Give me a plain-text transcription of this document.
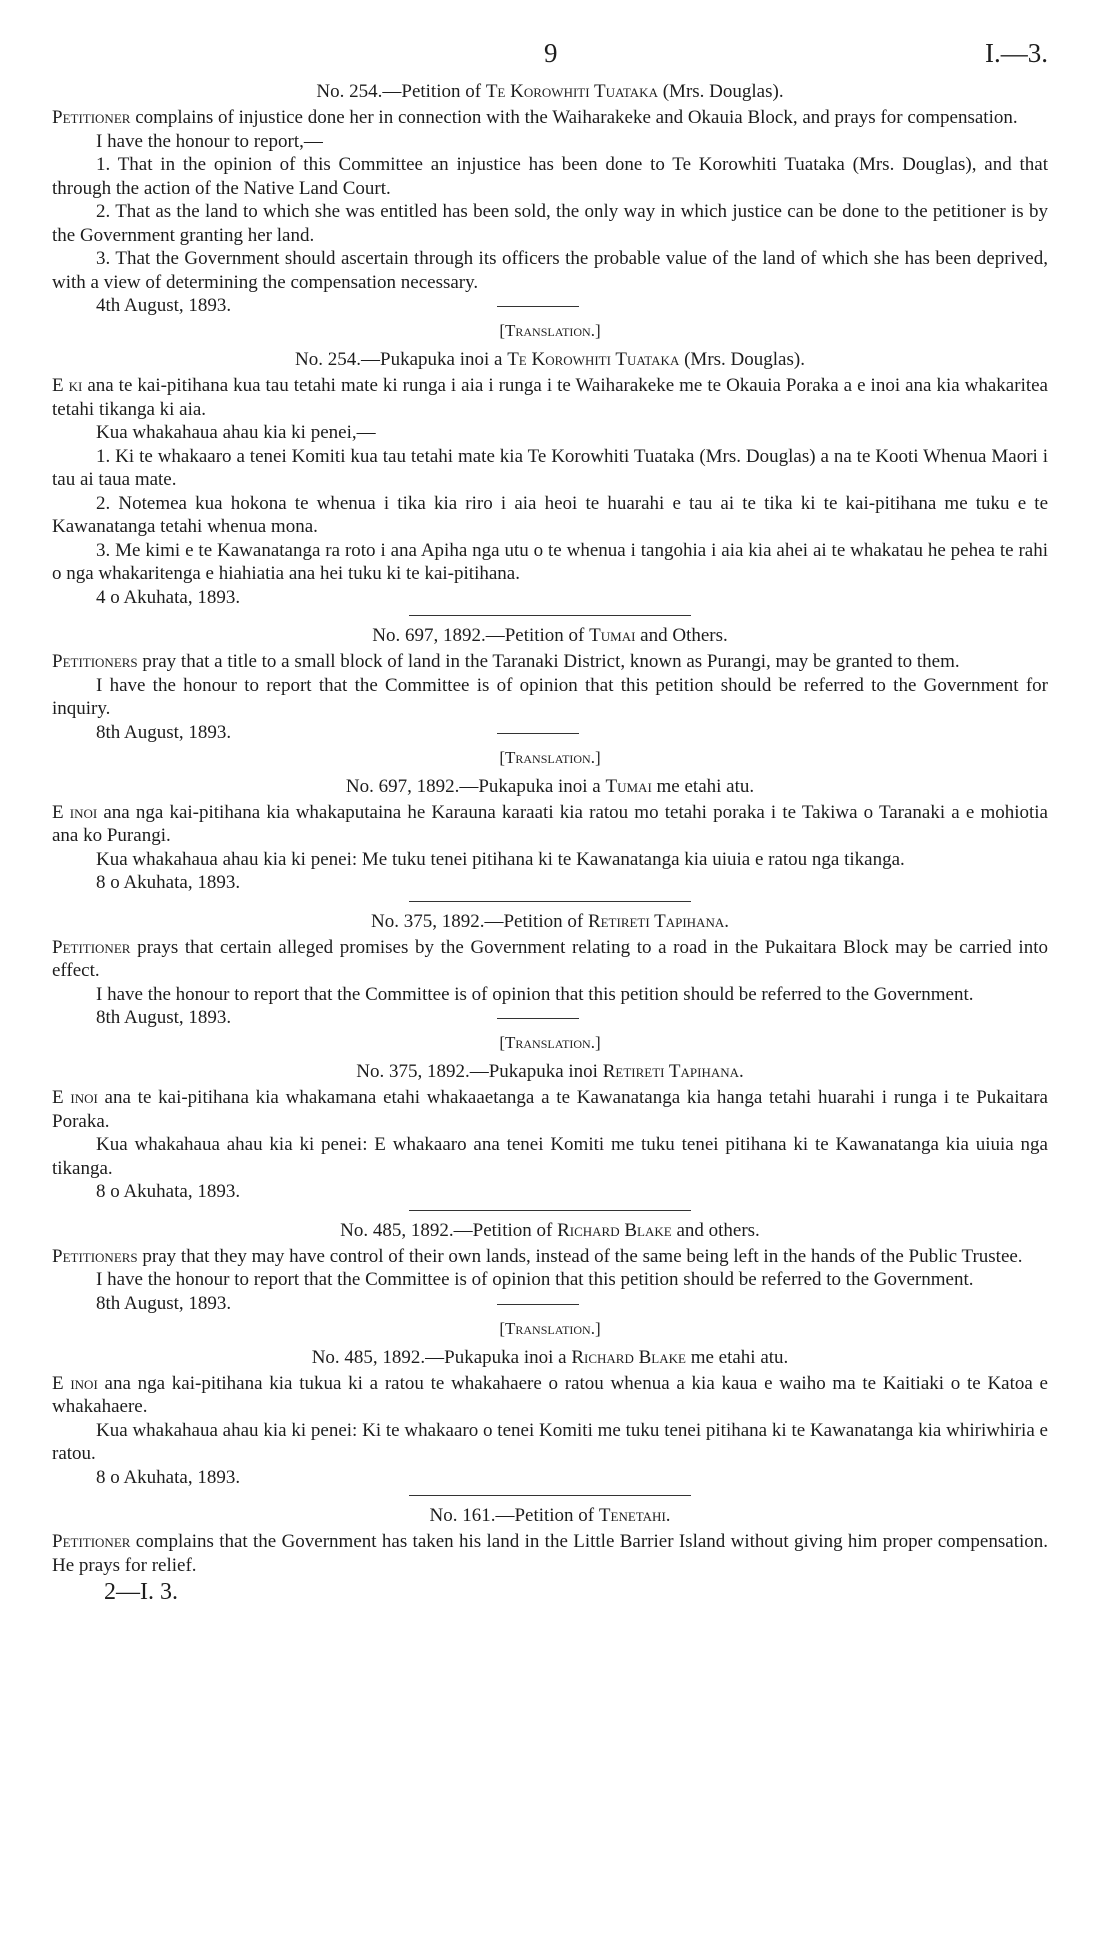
9	I.—3.
No. 254.—Petition of Te Korowhiti Tuataka (Mrs. Douglas).

Petitioner complains of injustice done her in connection with the Waiharakeke and Okauia Block, and prays for compensation.

I have the honour to report,—

1. That in the opinion of this Committee an injustice has been done to Te Korowhiti Tuataka (Mrs. Douglas), and that through the action of the Native Land Court.

2. That as the land to which she was entitled has been sold, the only way in which justice can be done to the petitioner is by the Government granting her land.

3. That the Government should ascertain through its officers the probable value of the land of which she has been deprived, with a view of determining the compensation necessary.

4th August, 1893.
[Translation.]
No. 254.—Pukapuka inoi a Te Korowhiti Tuataka (Mrs. Douglas).

E ki ana te kai-pitihana kua tau tetahi mate ki runga i aia i runga i te Waiharakeke me te Okauia Poraka a e inoi ana kia whakaritea tetahi tikanga ki aia.

Kua whakahaua ahau kia ki penei,—

1. Ki te whakaaro a tenei Komiti kua tau tetahi mate kia Te Korowhiti Tuataka (Mrs. Douglas) a na te Kooti Whenua Maori i tau ai taua mate.

2. Notemea kua hokona te whenua i tika kia riro i aia heoi te huarahi e tau ai te tika ki te kai-pitihana me tuku e te Kawanatanga tetahi whenua mona.

3. Me kimi e te Kawanatanga ra roto i ana Apiha nga utu o te whenua i tangohia i aia kia ahei ai te whakatau he pehea te rahi o nga whakaritenga e hiahiatia ana hei tuku ki te kai-pitihana.

4 o Akuhata, 1893.
No. 697, 1892.—Petition of Tumai and Others.

Petitioners pray that a title to a small block of land in the Taranaki District, known as Purangi, may be granted to them.

I have the honour to report that the Committee is of opinion that this petition should be referred to the Government for inquiry.

8th August, 1893.
[Translation.]
No. 697, 1892.—Pukapuka inoi a Tumai me etahi atu.

E inoi ana nga kai-pitihana kia whakaputaina he Karauna karaati kia ratou mo tetahi poraka i te Takiwa o Taranaki a e mohiotia ana ko Purangi.

Kua whakahaua ahau kia ki penei: Me tuku tenei pitihana ki te Kawanatanga kia uiuia e ratou nga tikanga.

8 o Akuhata, 1893.
No. 375, 1892.—Petition of Retireti Tapihana.

Petitioner prays that certain alleged promises by the Government relating to a road in the Pukaitara Block may be carried into effect.

I have the honour to report that the Committee is of opinion that this petition should be referred to the Government.

8th August, 1893.
[Translation.]
No. 375, 1892.—Pukapuka inoi Retireti Tapihana.

E inoi ana te kai-pitihana kia whakamana etahi whakaaetanga a te Kawanatanga kia hanga tetahi huarahi i runga i te Pukaitara Poraka.

Kua whakahaua ahau kia ki penei: E whakaaro ana tenei Komiti me tuku tenei pitihana ki te Kawanatanga kia uiuia nga tikanga.

8 o Akuhata, 1893.
No. 485, 1892.—Petition of Richard Blake and others.

Petitioners pray that they may have control of their own lands, instead of the same being left in the hands of the Public Trustee.

I have the honour to report that the Committee is of opinion that this petition should be referred to the Government.

8th August, 1893.
[Translation.]
No. 485, 1892.—Pukapuka inoi a Richard Blake me etahi atu.

E inoi ana nga kai-pitihana kia tukua ki a ratou te whakahaere o ratou whenua a kia kaua e waiho ma te Kaitiaki o te Katoa e whakahaere.

Kua whakahaua ahau kia ki penei: Ki te whakaaro o tenei Komiti me tuku tenei pitihana ki te Kawanatanga kia whiriwhiria e ratou.

8 o Akuhata, 1893.
No. 161.—Petition of Tenetahi.

Petitioner complains that the Government has taken his land in the Little Barrier Island without giving him proper compensation. He prays for relief.

2—I. 3.
